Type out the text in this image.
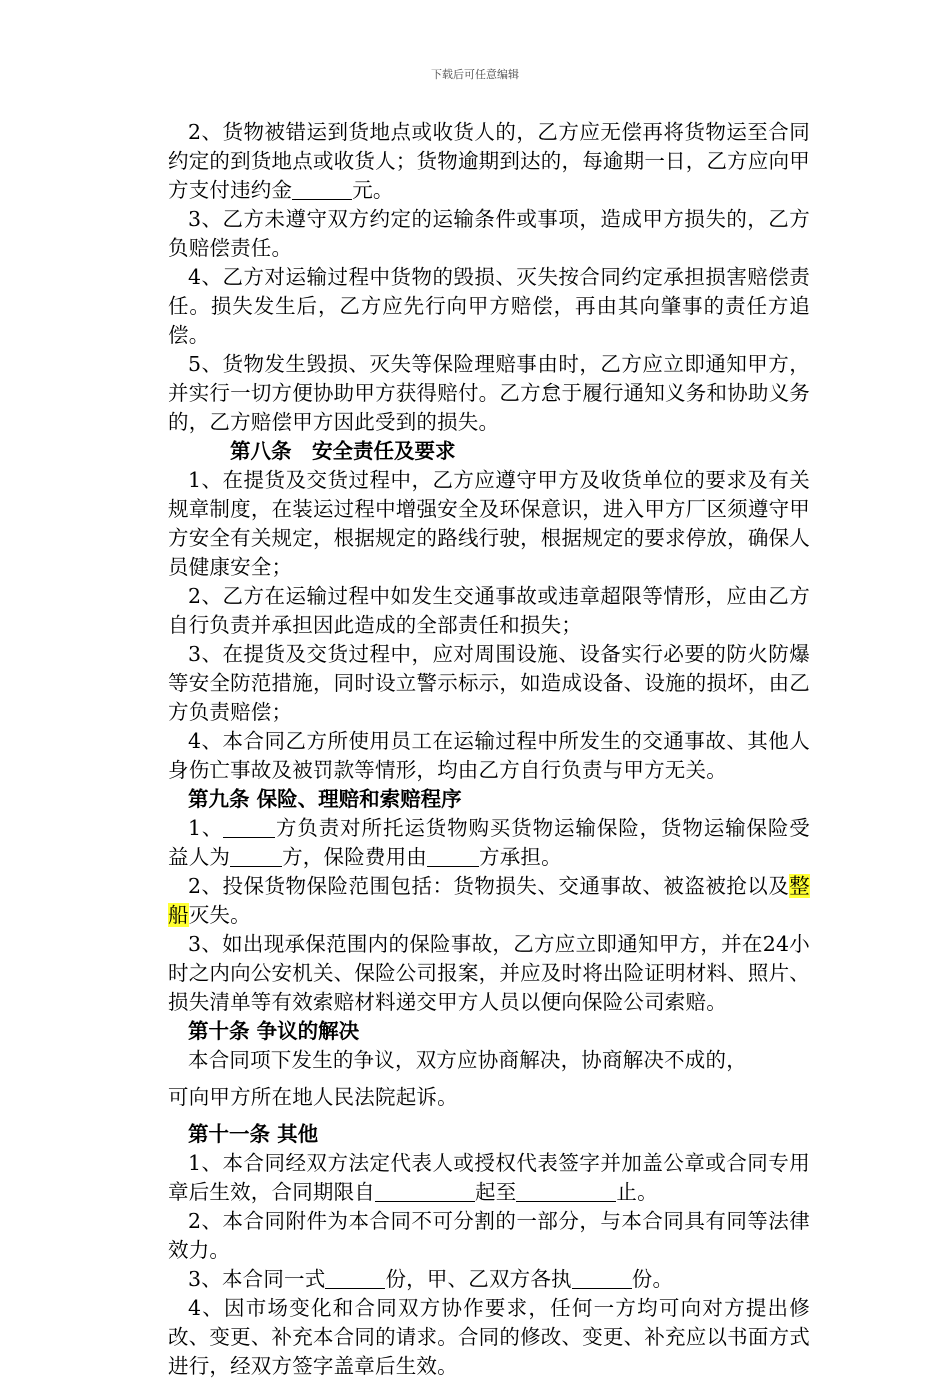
下载后可任意编辑

2、货物被错运到货地点或收货人的，乙方应无偿再将货物运至合同约定的到货地点或收货人；货物逾期到达的，每逾期一日，乙方应向甲方支付违约金	元。

3、乙方未遵守双方约定的运输条件或事项，造成甲方损失的，乙方负赔偿责任。

4、乙方对运输过程中货物的毁损、灭失按合同约定承担损害赔偿责任。损失发生后，乙方应先行向甲方赔偿，再由其向肇事的责任方追偿。

5、货物发生毁损、灭失等保险理赔事由时，乙方应立即通知甲方，并实行一切方便协助甲方获得赔付。乙方怠于履行通知义务和协助义务的，乙方赔偿甲方因此受到的损失。

第八条　安全责任及要求

1、在提货及交货过程中，乙方应遵守甲方及收货单位的要求及有关规章制度，在装运过程中增强安全及环保意识，进入甲方厂区须遵守甲方安全有关规定，根据规定的路线行驶，根据规定的要求停放，确保人员健康安全；

2、乙方在运输过程中如发生交通事故或违章超限等情形，应由乙方自行负责并承担因此造成的全部责任和损失；

3、在提货及交货过程中，应对周围设施、设备实行必要的防火防爆等安全防范措施，同时设立警示标示，如造成设备、设施的损坏，由乙方负责赔偿；

4、本合同乙方所使用员工在运输过程中所发生的交通事故、其他人身伤亡事故及被罚款等情形，均由乙方自行负责与甲方无关。

第九条 保险、理赔和索赔程序

1、	方负责对所托运货物购买货物运输保险，货物运输保险受益人为	方，保险费用由	方承担。

2、投保货物保险范围包括：货物损失、交通事故、被盗被抢以及整船灭失。

3、如出现承保范围内的保险事故，乙方应立即通知甲方，并在24小时之内向公安机关、保险公司报案，并应及时将出险证明材料、照片、损失清单等有效索赔材料递交甲方人员以便向保险公司索赔。

第十条 争议的解决

本合同项下发生的争议，双方应协商解决，协商解决不成的，

可向甲方所在地人民法院起诉。

第十一条 其他

1、本合同经双方法定代表人或授权代表签字并加盖公章或合同专用章后生效，合同期限自	起至	止。

2、本合同附件为本合同不可分割的一部分，与本合同具有同等法律效力。

3、本合同一式	份，甲、乙双方各执	份。

4、因市场变化和合同双方协作要求，任何一方均可向对方提出修改、变更、补充本合同的请求。合同的修改、变更、补充应以书面方式进行，经双方签字盖章后生效。
